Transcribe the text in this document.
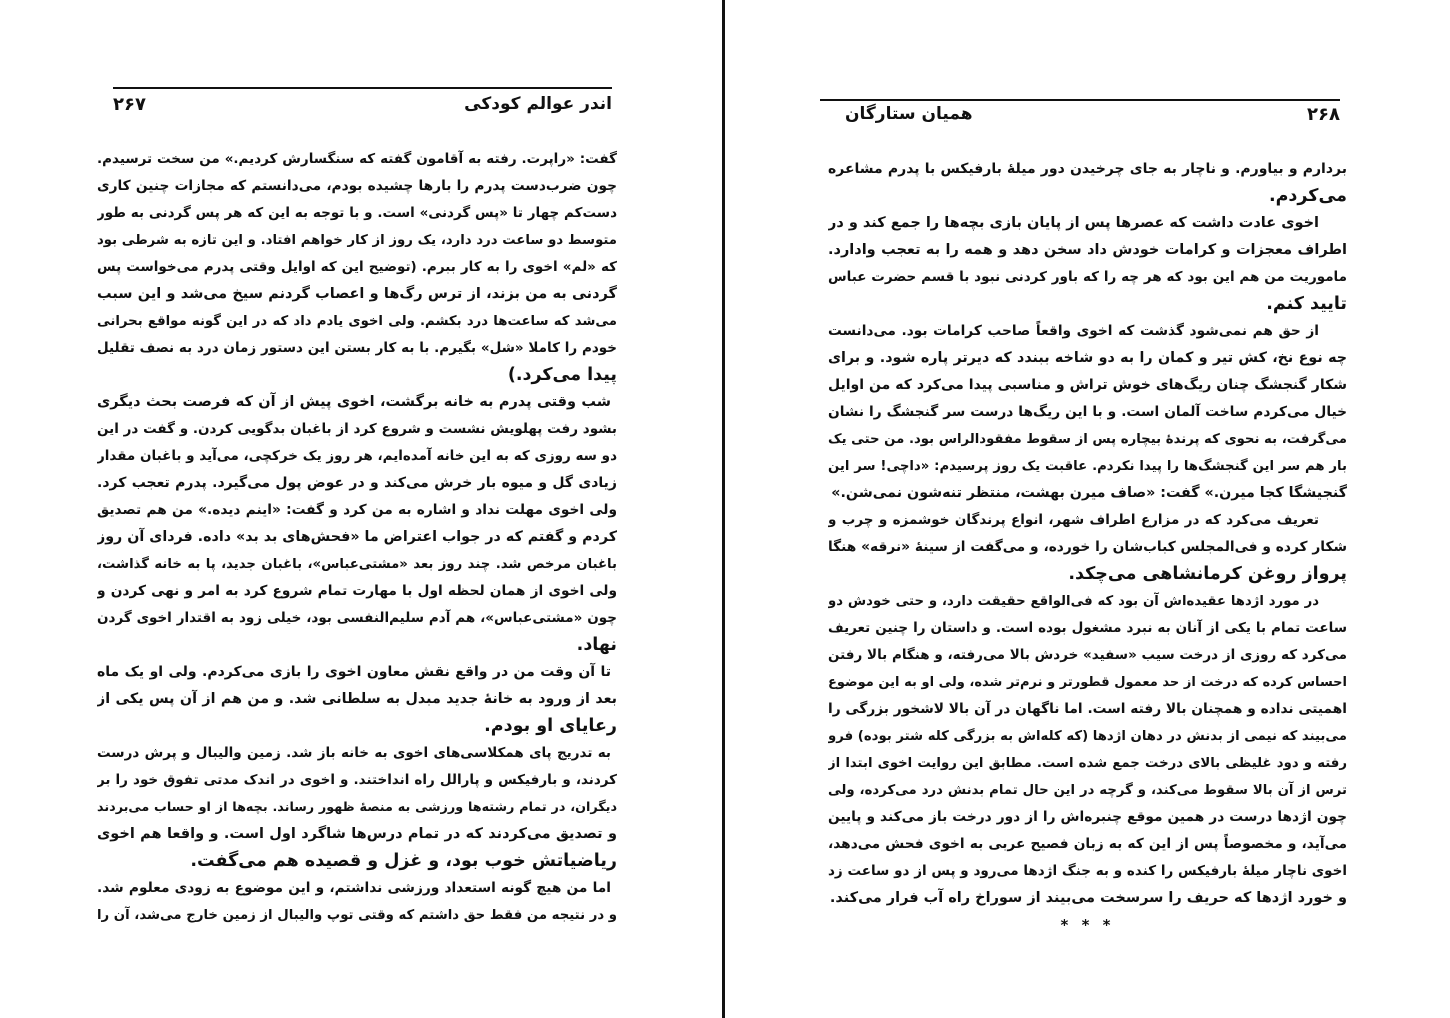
اندر عوالم کودکی
۲۶۷	۲۶۸
همیان ستارگان
گفت: «راپرت. رفته به آقامون گفته که سنگسارش کردیم.» من سخت ترسیدم.
چون ضرب‌دست پدرم را بارها چشیده بودم، می‌دانستم که مجازات چنین کاری
دست‌کم چهار تا «پس گردنی» است. و با توجه به این که هر پس گردنی به طور
متوسط دو ساعت درد دارد، یک روز از کار خواهم افتاد. و این تازه به شرطی بود
که «لم» اخوی را به کار ببرم. (توضیح این که اوایل وقتی پدرم می‌خواست پس
گردنی به من بزند، از ترس رگ‌ها و اعصاب گردنم سیخ می‌شد و این سبب
می‌شد که ساعت‌ها درد بکشم. ولی اخوی یادم داد که در این گونه مواقع بحرانی
خودم را کاملا «شل» بگیرم. با به کار بستن این دستور زمان درد به نصف تقلیل
پیدا می‌کرد.)
شب وقتی پدرم به خانه برگشت، اخوی پیش از آن که فرصت بحث دیگری
بشود رفت پهلویش نشست و شروع کرد از باغبان بدگویی کردن. و گفت در این
دو سه روزی که به این خانه آمده‌ایم، هر روز یک خرکچی، می‌آید و باغبان مقدار
زیادی گل و میوه بار خرش می‌کند و در عوض پول می‌گیرد. پدرم تعجب کرد.
ولی اخوی مهلت نداد و اشاره به من کرد و گفت: «اینم دیده.» من هم تصدیق
کردم و گفتم که در جواب اعتراض ما «فحش‌های بد بد» داده. فردای آن روز
باغبان مرخص شد. چند روز بعد «مشتی‌عباس»، باغبان جدید، پا به خانه گذاشت،
ولی اخوی از همان لحظه اول با مهارت تمام شروع کرد به امر و نهی کردن و
چون «مشتی‌عباس»، هم آدم سلیم‌النفسی بود، خیلی زود به اقتدار اخوی گردن
نهاد.
تا آن وقت من در واقع نقش معاون اخوی را بازی می‌کردم. ولی او یک ماه
بعد از ورود به خانهٔ جدید مبدل به سلطانی شد. و من هم از آن پس یکی از
رعایای او بودم.
به تدریج پای همکلاسی‌های اخوی به خانه باز شد. زمین والیبال و پرش درست
کردند، و بارفیکس و پارالل راه انداختند. و اخوی در اندک مدتی تفوق خود را بر
دیگران، در تمام رشته‌ها ورزشی به منصهٔ ظهور رساند. بچه‌ها از او حساب می‌بردند
و تصدیق می‌کردند که در تمام درس‌ها شاگرد اول است. و واقعا هم اخوی
ریاضیاتش خوب بود، و غزل و قصیده هم می‌گفت.
اما من هیچ گونه استعداد ورزشی نداشتم، و این موضوع به زودی معلوم شد.
و در نتیجه من فقط حق داشتم که وقتی توپ والیبال از زمین خارج می‌شد، آن را
بردارم و بیاورم. و ناچار به جای چرخیدن دور میلهٔ بارفیکس با پدرم مشاعره
می‌کردم.
اخوی عادت داشت که عصرها پس از پایان بازی بچه‌ها را جمع کند و در
اطراف معجزات و کرامات خودش داد سخن دهد و همه را به تعجب وادارد.
ماموریت من هم این بود که هر چه را که باور کردنی نبود با قسم حضرت عباس
تایید کنم.
از حق هم نمی‌شود گذشت که اخوی واقعاً صاحب کرامات بود. می‌دانست
چه نوع نخ، کش تیر و کمان را به دو شاخه ببندد که دیرتر پاره شود. و برای
شکار گنجشگ چنان ریگ‌های خوش تراش و مناسبی پیدا می‌کرد که من اوایل
خیال می‌کردم ساخت آلمان است. و با این ریگ‌ها درست سر گنجشگ را نشان
می‌گرفت، به نحوی که پرندهٔ بیچاره پس از سقوط مفقودالراس بود. من حتی یک
بار هم سر این گنجشگ‌ها را پیدا نکردم. عاقبت یک روز پرسیدم: «داچی! سر این
گنجیشگا کجا میرن.» گفت: «صاف میرن بهشت، منتظر تنه‌شون نمی‌شن.»
تعریف می‌کرد که در مزارع اطراف شهر، انواع پرندگان خوشمزه و چرب و
شکار کرده و فی‌المجلس کباب‌شان را خورده، و می‌گفت از سینهٔ «نرقه» هنگا
پرواز روغن کرمانشاهی می‌چکد.
در مورد اژدها عقیده‌اش آن بود که فی‌الواقع حقیقت دارد، و حتی خودش دو
ساعت تمام با یکی از آنان به نبرد مشغول بوده است. و داستان را چنین تعریف
می‌کرد که روزی از درخت سیب «سفید» خردش بالا می‌رفته، و هنگام بالا رفتن
احساس کرده که درخت از حد معمول قطورتر و نرم‌تر شده، ولی او به این موضوع
اهمیتی نداده و همچنان بالا رفته است. اما ناگهان در آن بالا لاشخور بزرگی را
می‌بیند که نیمی از بدنش در دهان اژدها (که کله‌اش به بزرگی کله شتر بوده) فرو
رفته و دود غلیظی بالای درخت جمع شده است. مطابق این روایت اخوی ابتدا از
ترس از آن بالا سقوط می‌کند، و گرچه در این حال تمام بدنش درد می‌کرده، ولی
چون اژدها درست در همین موقع چنبره‌اش را از دور درخت باز می‌کند و پایین
می‌آید، و مخصوصاً پس از این که به زبان فصیح عربی به اخوی فحش می‌دهد،
اخوی ناچار میلهٔ بارفیکس را کنده و به جنگ اژدها می‌رود و پس از دو ساعت زد
و خورد اژدها که حریف را سرسخت می‌بیند از سوراخ راه آب فرار می‌کند.
* * *
